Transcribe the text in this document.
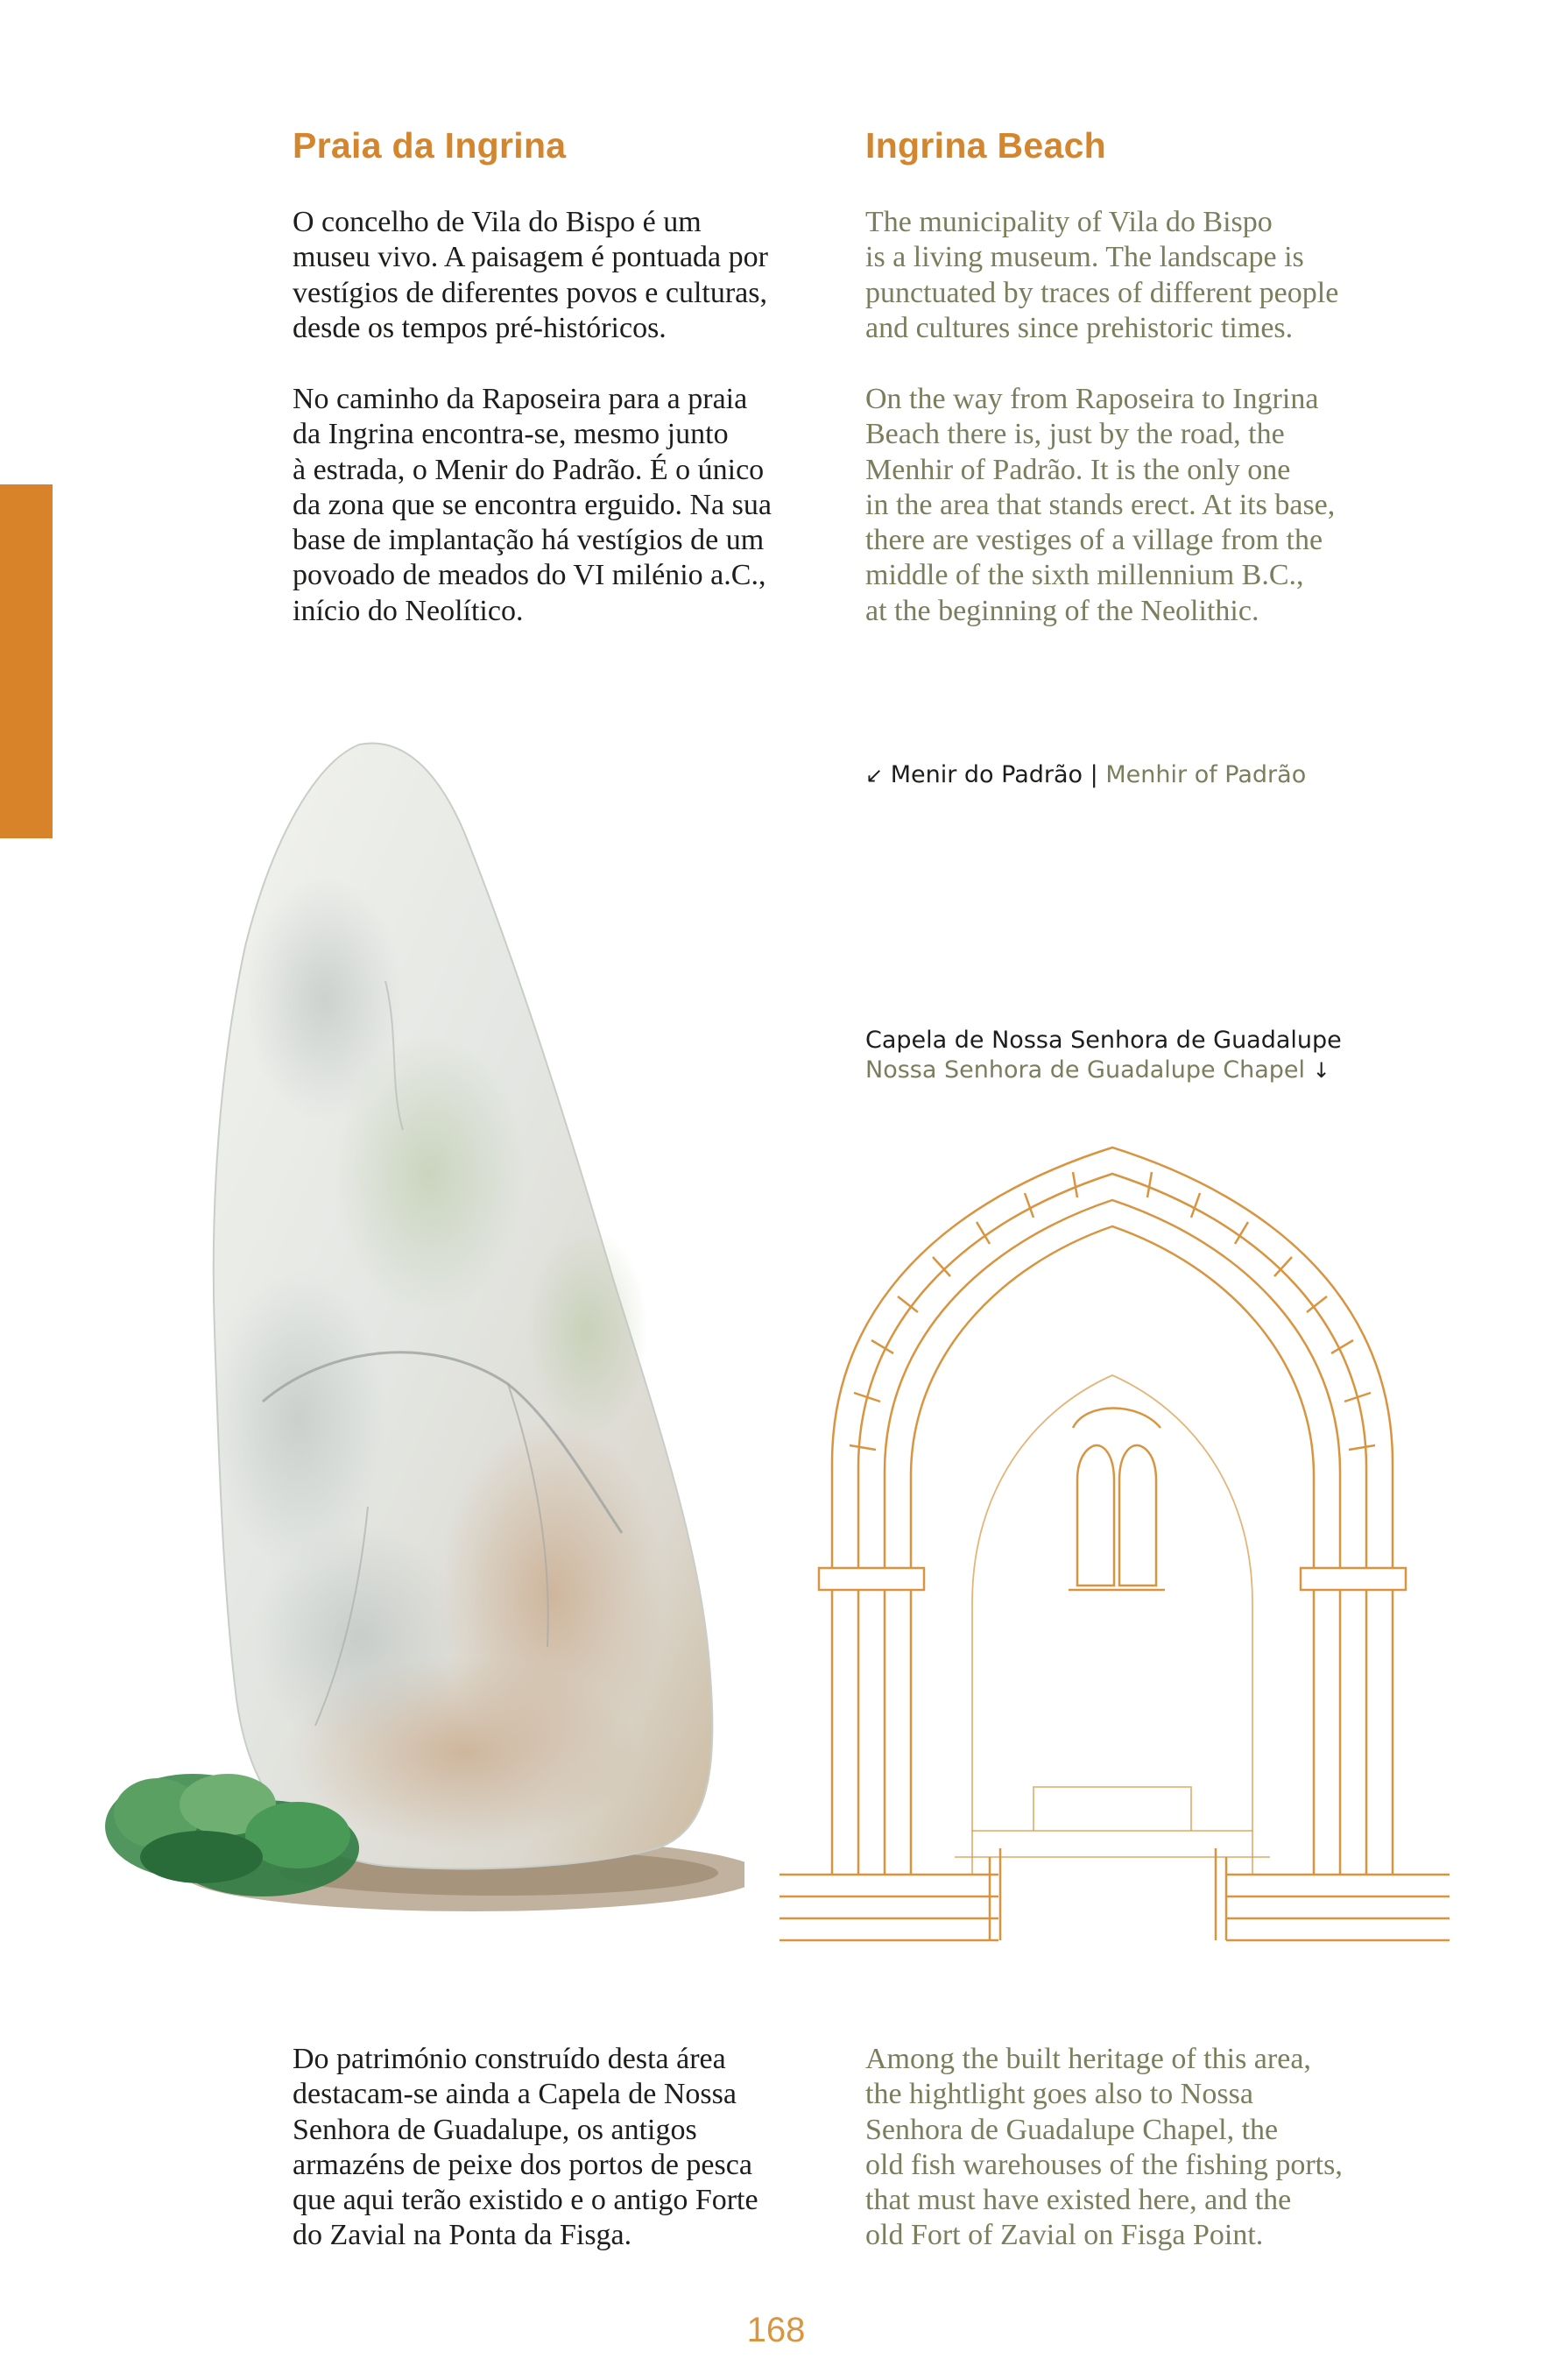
Praia da Ingrina	Ingrina Beach

O concelho de Vila do Bispo é um
museu vivo. A paisagem é pontuada por
vestígios de diferentes povos e culturas,
desde os tempos pré-históricos.

The municipality of Vila do Bispo
is a living museum. The landscape is
punctuated by traces of different people
and cultures since prehistoric times.

No caminho da Raposeira para a praia
da Ingrina encontra-se, mesmo junto
à estrada, o Menir do Padrão. É o único
da zona que se encontra erguido. Na sua
base de implantação há vestígios de um
povoado de meados do VI milénio a.C.,
início do Neolítico.

On the way from Raposeira to Ingrina
Beach there is, just by the road, the
Menhir of Padrão. It is the only one
in the area that stands erect. At its base,
there are vestiges of a village from the
middle of the sixth millennium B.C.,
at the beginning of the Neolithic.

↙ Menir do Padrão | Menhir of Padrão
Capela de Nossa Senhora de Guadalupe
Nossa Senhora de Guadalupe Chapel ↓

Do património construído desta área
destacam-se ainda a Capela de Nossa
Senhora de Guadalupe, os antigos
armazéns de peixe dos portos de pesca
que aqui terão existido e o antigo Forte
do Zavial na Ponta da Fisga.

Among the built heritage of this area,
the hightlight goes also to Nossa
Senhora de Guadalupe Chapel, the
old fish warehouses of the fishing ports,
that must have existed here, and the
old Fort of Zavial on Fisga Point.

168
